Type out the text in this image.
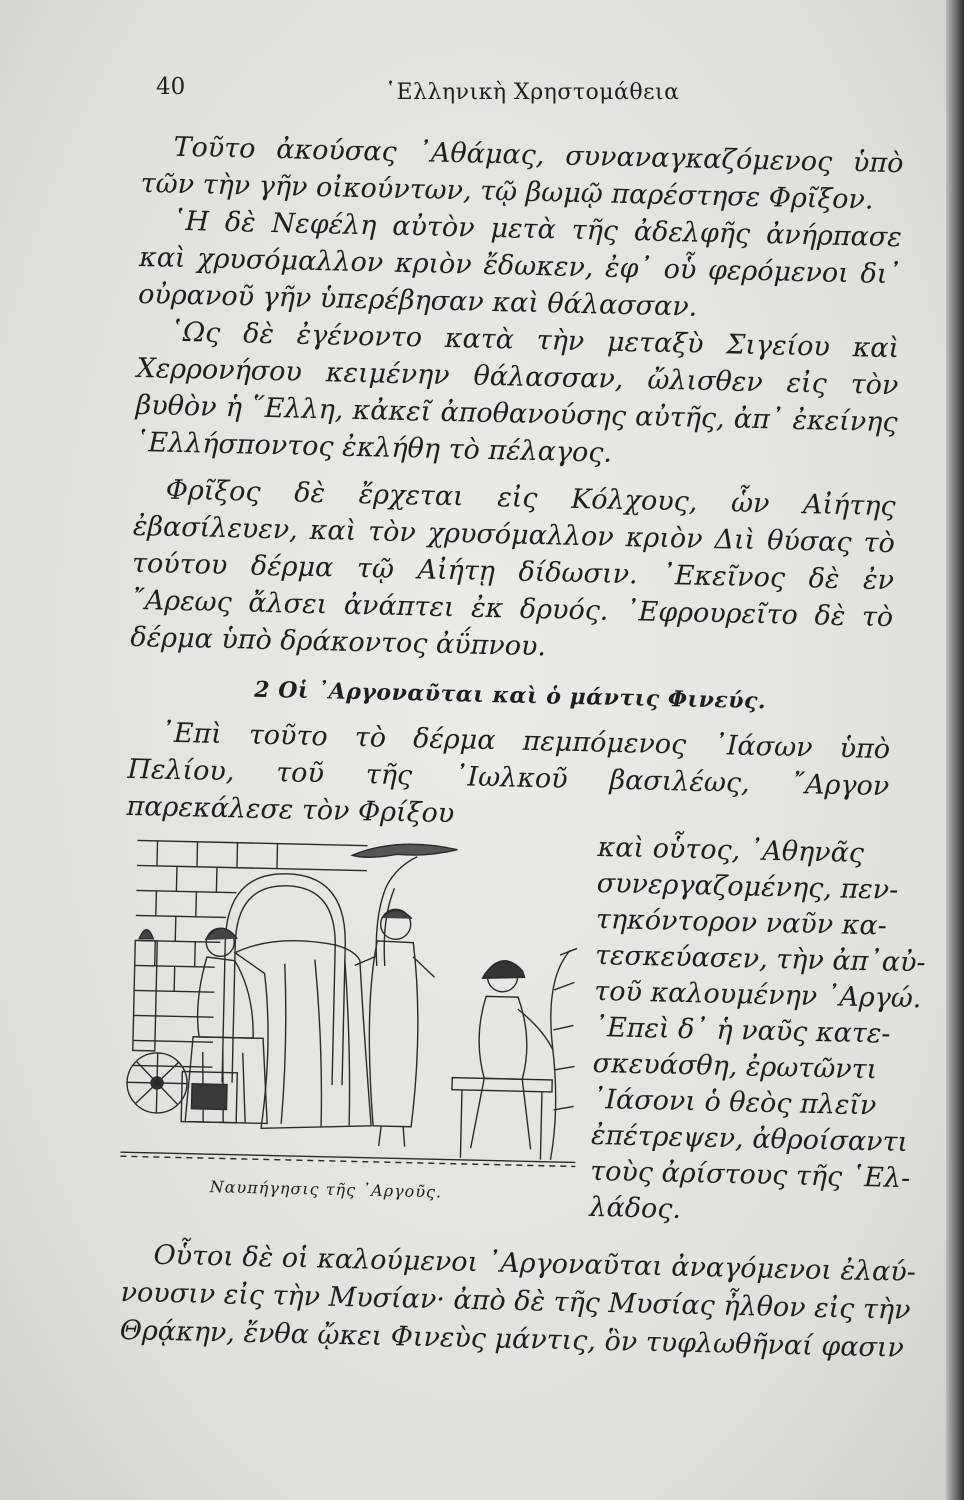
40	῾Ελληνικὴ Χρηστομάθεια

Τοῦτο ἀκούσας ᾿Αθάμας, συναναγκαζόμενος ὑπὸ τῶν τὴν γῆν οἰκούντων, τῷ βωμῷ παρέστησε Φρῖξον.

῾Η δὲ Νεφέλη αὐτὸν μετὰ τῆς ἀδελφῆς ἀνήρπασε καὶ χρυσόμαλλον κριὸν ἔδωκεν, ἐφ᾿ οὗ φερόμενοι δι᾿ οὐρανοῦ γῆν ὑπερέβησαν καὶ θάλασσαν.

῾Ως δὲ ἐγένοντο κατὰ τὴν μεταξὺ Σιγείου καὶ Χερρονήσου κειμένην θάλασσαν, ὤλισθεν εἰς τὸν βυθὸν ἡ ῞Ελλη, κἀκεῖ ἀποθανούσης αὐτῆς, ἀπ᾿ ἐκείνης ῾Ελλήσποντος ἐκλήθη τὸ πέλαγος.

Φρῖξος δὲ ἔρχεται εἰς Κόλχους, ὧν Αἰήτης ἐβασίλευεν, καὶ τὸν χρυσόμαλλον κριὸν Διὶ θύσας τὸ τούτου δέρμα τῷ Αἰήτῃ δίδωσιν. ᾿Εκεῖνος δὲ ἐν ῎Αρεως ἄλσει ἀνάπτει ἐκ δρυός. ᾿Εφρουρεῖτο δὲ τὸ δέρμα ὑπὸ δράκοντος ἀΰπνου.

2 Οἱ ᾿Αργοναῦται καὶ ὁ μάντις Φινεύς.

᾿Επὶ τοῦτο τὸ δέρμα πεμπόμενος ᾿Ιάσων ὑπὸ Πελίου, τοῦ τῆς ᾿Ιωλκοῦ βασιλέως, ῎Αργον παρεκάλεσε τὸν Φρίξου

Ναυπήγησις τῆς ᾿Αργοῦς.
καὶ οὗτος, ᾿Αθηνᾶς
συνεργαζομένης, πεν-
τηκόντορον ναῦν κα-
τεσκεύασεν, τὴν ἀπ᾿αὐ-
τοῦ καλουμένην ᾿Αργώ.
᾿Επεὶ δ᾿ ἡ ναῦς κατε-
σκευάσθη, ἐρωτῶντι
᾿Ιάσονι ὁ θεὸς πλεῖν
ἐπέτρεψεν, ἀθροίσαντι
τοὺς ἀρίστους τῆς ῾Ελ-
λάδος.
Οὗτοι δὲ οἱ καλούμενοι ᾿Αργοναῦται ἀναγόμενοι ἐλαύ-
νουσιν εἰς τὴν Μυσίαν· ἀπὸ δὲ τῆς Μυσίας ἦλθον εἰς τὴν
Θρᾴκην, ἔνθα ᾤκει Φινεὺς μάντις, ὃν τυφλωθῆναί φασιν
